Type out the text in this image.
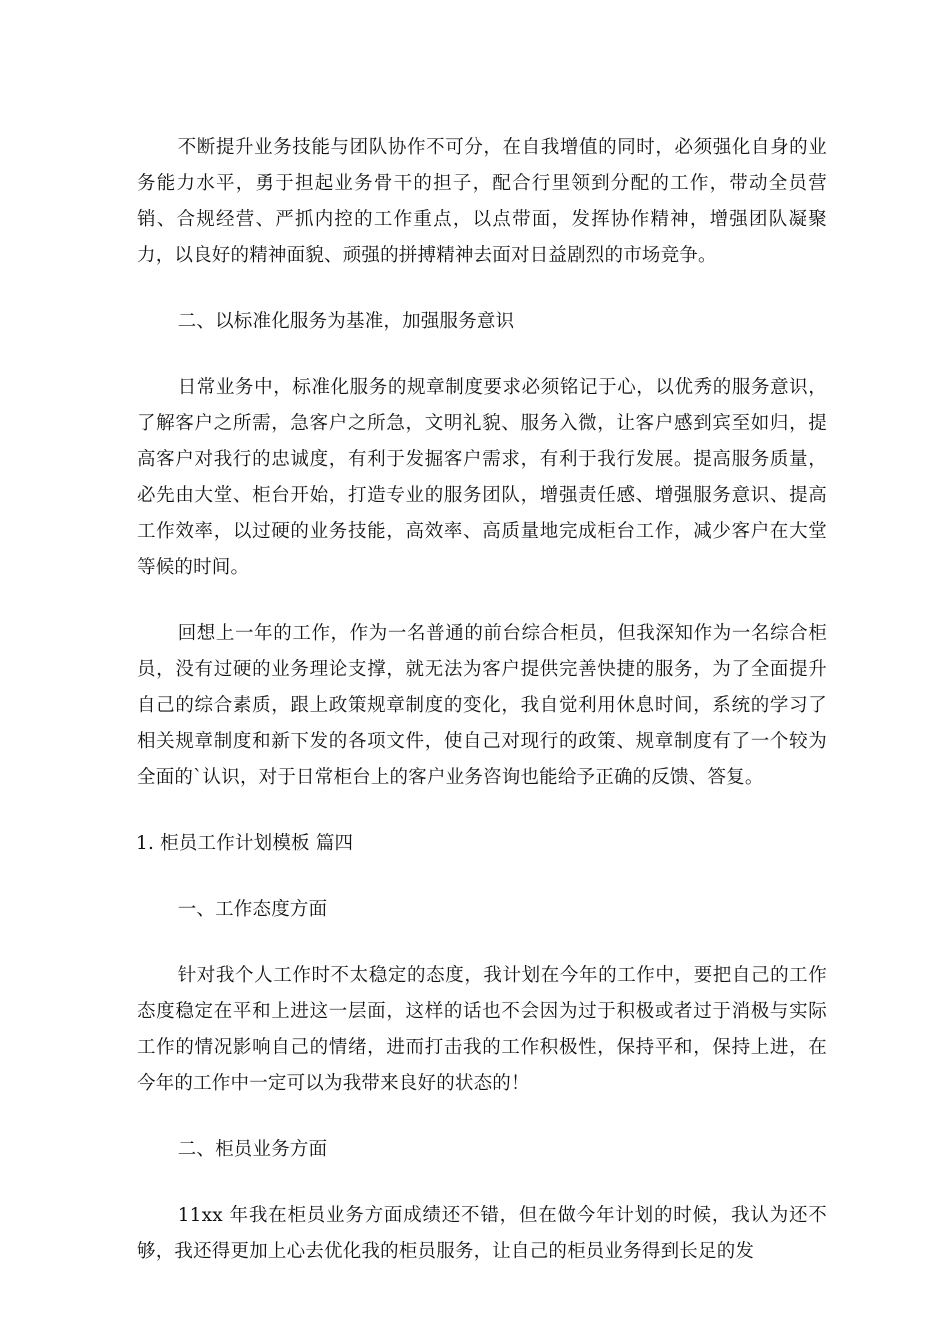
不断提升业务技能与团队协作不可分，在自我增值的同时，必须强化自身的业务能力水平，勇于担起业务骨干的担子，配合行里领到分配的工作，带动全员营销、合规经营、严抓内控的工作重点，以点带面，发挥协作精神，增强团队凝聚力，以良好的精神面貌、顽强的拼搏精神去面对日益剧烈的市场竞争。

二、以标准化服务为基准，加强服务意识

日常业务中，标准化服务的规章制度要求必须铭记于心，以优秀的服务意识，了解客户之所需，急客户之所急，文明礼貌、服务入微，让客户感到宾至如归，提高客户对我行的忠诚度，有利于发掘客户需求，有利于我行发展。提高服务质量，必先由大堂、柜台开始，打造专业的服务团队，增强责任感、增强服务意识、提高工作效率，以过硬的业务技能，高效率、高质量地完成柜台工作，减少客户在大堂等候的时间。

回想上一年的工作，作为一名普通的前台综合柜员，但我深知作为一名综合柜员，没有过硬的业务理论支撑，就无法为客户提供完善快捷的服务，为了全面提升自己的综合素质，跟上政策规章制度的变化，我自觉利用休息时间，系统的学习了相关规章制度和新下发的各项文件，使自己对现行的政策、规章制度有了一个较为全面的`认识，对于日常柜台上的客户业务咨询也能给予正确的反馈、答复。

1. 柜员工作计划模板 篇四

一、工作态度方面

针对我个人工作时不太稳定的态度，我计划在今年的工作中，要把自己的工作态度稳定在平和上进这一层面，这样的话也不会因为过于积极或者过于消极与实际工作的情况影响自己的情绪，进而打击我的工作积极性，保持平和，保持上进，在今年的工作中一定可以为我带来良好的状态的！

二、柜员业务方面

11xx 年我在柜员业务方面成绩还不错，但在做今年计划的时候，我认为还不够，我还得更加上心去优化我的柜员服务，让自己的柜员业务得到长足的发
